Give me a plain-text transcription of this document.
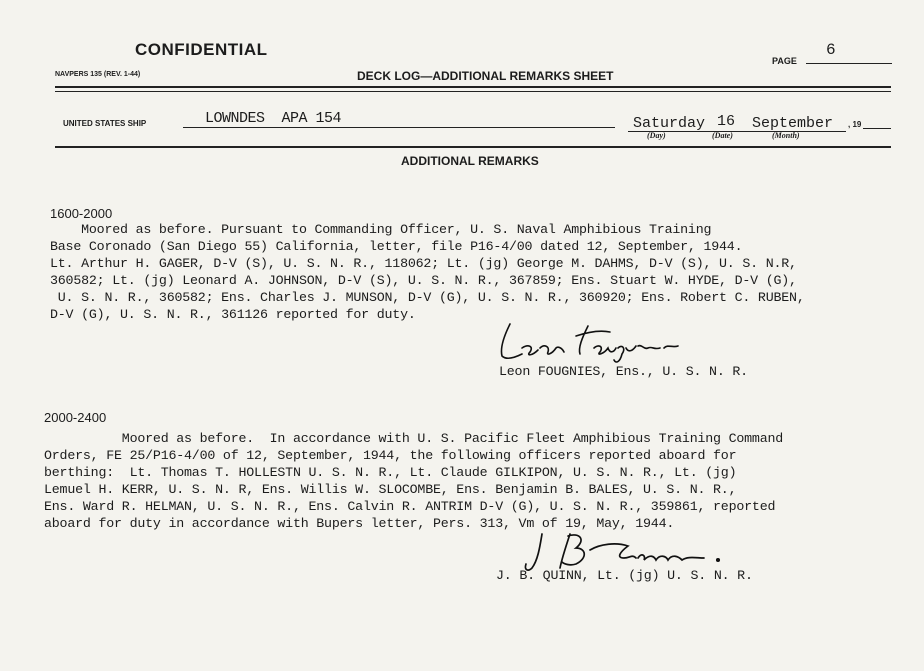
CONFIDENTIAL
NAVPERS 135 (REV. 1-44)	DECK LOG—ADDITIONAL REMARKS SHEET
PAGE
6
UNITED STATES SHIP	LOWNDES  APA 154	Saturday 16 September
(Day)	(Date)	(Month)
, 19
ADDITIONAL REMARKS
1600-2000
Moored as before. Pursuant to Commanding Officer, U. S. Naval Amphibious Training
Base Coronado (San Diego 55) California, letter, file P16-4/00 dated 12, September, 1944.
Lt. Arthur H. GAGER, D-V (S), U. S. N. R., 118062; Lt. (jg) George M. DAHMS, D-V (S), U. S. N.R,
360582; Lt. (jg) Leonard A. JOHNSON, D-V (S), U. S. N. R., 367859; Ens. Stuart W. HYDE, D-V (G),
U. S. N. R., 360582; Ens. Charles J. MUNSON, D-V (G), U. S. N. R., 360920; Ens. Robert C. RUBEN,
D-V (G), U. S. N. R., 361126 reported for duty.
Leon FOUGNIES, Ens., U. S. N. R.
2000-2400
Moored as before.  In accordance with U. S. Pacific Fleet Amphibious Training Command
Orders, FE 25/P16-4/00 of 12, September, 1944, the following officers reported aboard for
berthing:  Lt. Thomas T. HOLLESTN U. S. N. R., Lt. Claude GILKIPON, U. S. N. R., Lt. (jg)
Lemuel H. KERR, U. S. N. R, Ens. Willis W. SLOCOMBE, Ens. Benjamin B. BALES, U. S. N. R.,
Ens. Ward R. HELMAN, U. S. N. R., Ens. Calvin R. ANTRIM D-V (G), U. S. N. R., 359861, reported
aboard for duty in accordance with Bupers letter, Pers. 313, Vm of 19, May, 1944.
J. B. QUINN, Lt. (jg) U. S. N. R.
